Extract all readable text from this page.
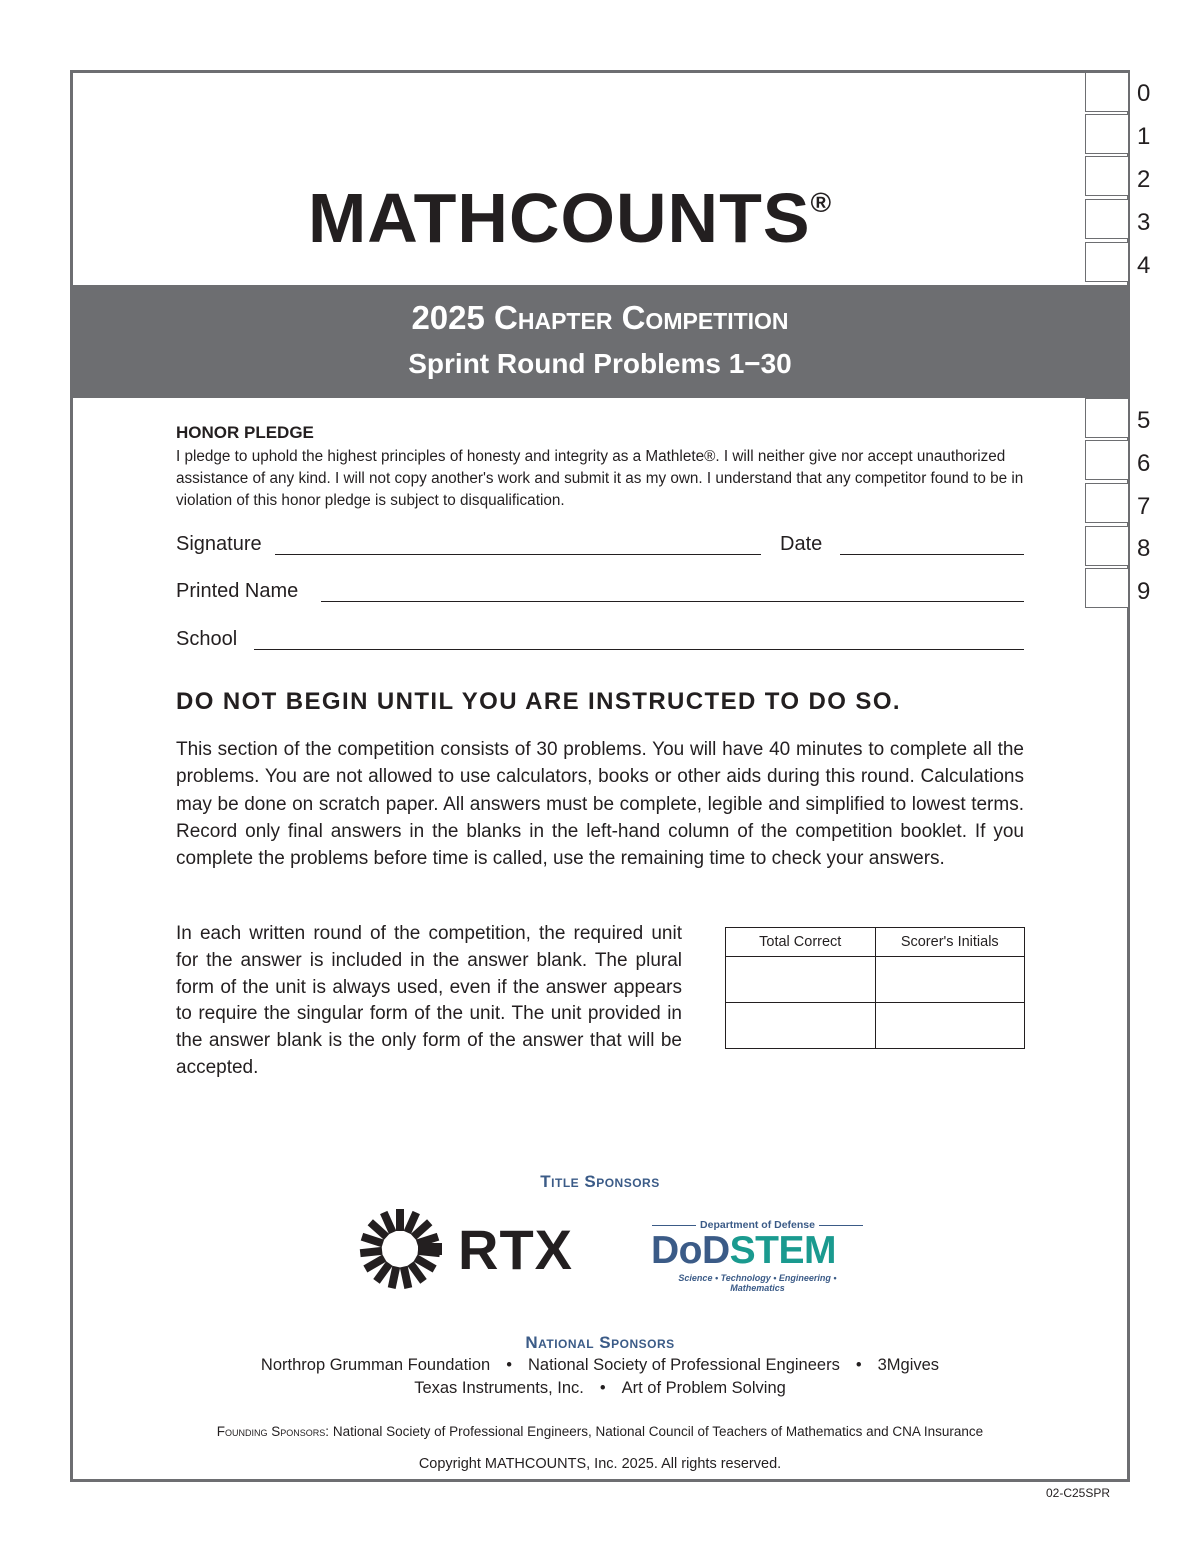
MATHCOUNTS®
0
1
2
3
4
2025 Chapter Competition
Sprint Round Problems 1−30
5
6
7
8
9
HONOR PLEDGE
I pledge to uphold the highest principles of honesty and integrity as a Mathlete®. I will neither give nor accept unauthorized assistance of any kind. I will not copy another's work and submit it as my own. I understand that any competitor found to be in violation of this honor pledge is subject to disqualification.
Signature	Date
Printed Name
School
DO NOT BEGIN UNTIL YOU ARE INSTRUCTED TO DO SO.
This section of the competition consists of 30 problems. You will have 40 minutes to complete all the problems. You are not allowed to use calculators, books or other aids during this round. Calculations may be done on scratch paper. All answers must be complete, legible and simplified to lowest terms. Record only final answers in the blanks in the left-hand column of the competition booklet. If you complete the problems before time is called, use the remaining time to check your answers.
In each written round of the competition, the required unit for the answer is included in the answer blank. The plural form of the unit is always used, even if the answer appears to require the singular form of the unit. The unit provided in the answer blank is the only form of the answer that will be accepted.
Total Correct	Scorer's Initials

Title Sponsors
RTX	Department of Defense
DoDSTEM
Science • Technology • Engineering • Mathematics
National Sponsors
Northrop Grumman Foundation • National Society of Professional Engineers • 3Mgives
Texas Instruments, Inc. • Art of Problem Solving
Founding Sponsors: National Society of Professional Engineers, National Council of Teachers of Mathematics and CNA Insurance
Copyright MATHCOUNTS, Inc. 2025. All rights reserved.
02-C25SPR
